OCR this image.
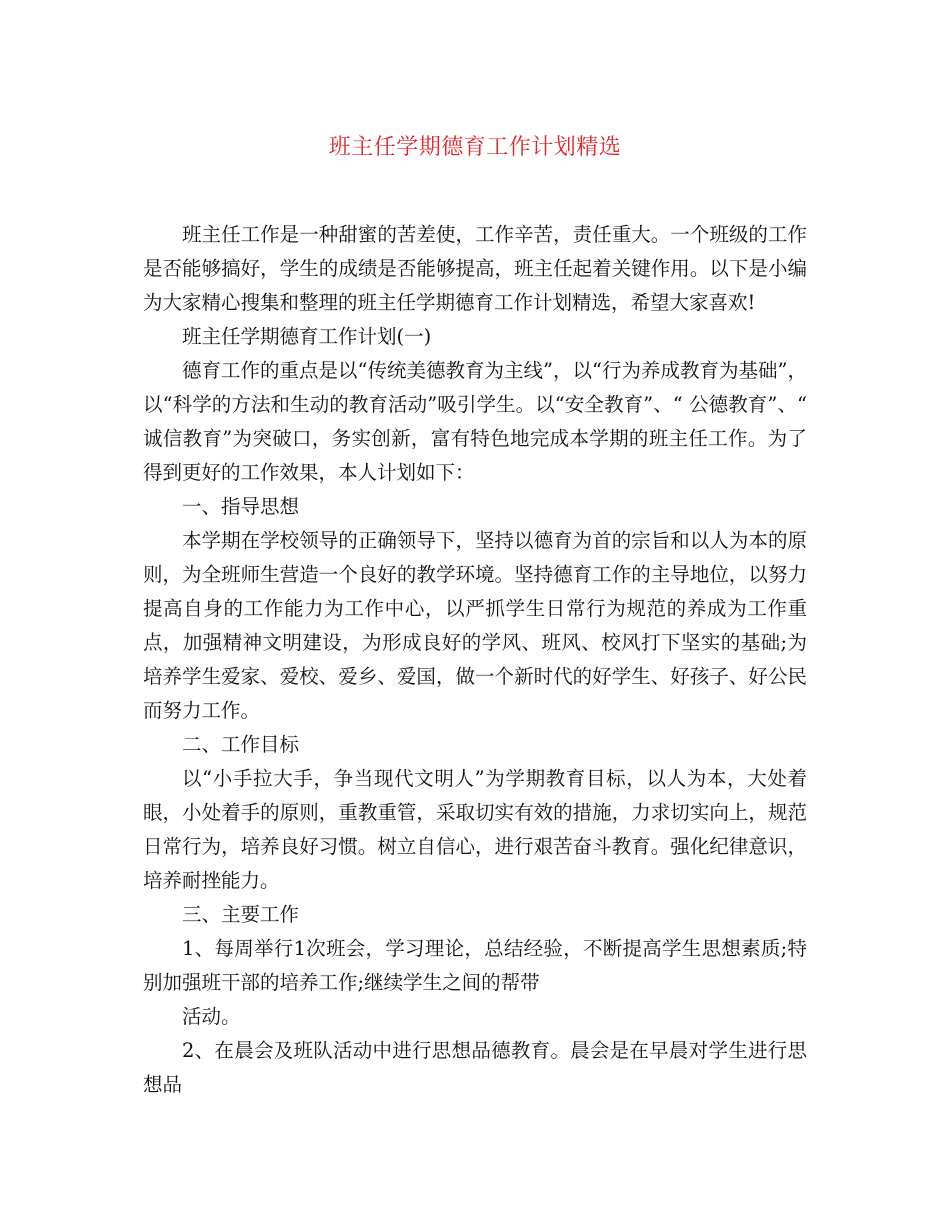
班主任学期德育工作计划精选

班主任工作是一种甜蜜的苦差使，工作辛苦，责任重大。一个班级的工作是否能够搞好，学生的成绩是否能够提高，班主任起着关键作用。以下是小编为大家精心搜集和整理的班主任学期德育工作计划精选，希望大家喜欢!

班主任学期德育工作计划(一)

德育工作的重点是以“传统美德教育为主线”，以“行为养成教育为基础”，以“科学的方法和生动的教育活动”吸引学生。以“安全教育”、“ 公德教育”、“ 诚信教育”为突破口，务实创新，富有特色地完成本学期的班主任工作。为了得到更好的工作效果，本人计划如下：

一、指导思想

本学期在学校领导的正确领导下，坚持以德育为首的宗旨和以人为本的原则，为全班师生营造一个良好的教学环境。坚持德育工作的主导地位，以努力提高自身的工作能力为工作中心，以严抓学生日常行为规范的养成为工作重点，加强精神文明建设，为形成良好的学风、班风、校风打下坚实的基础;为培养学生爱家、爱校、爱乡、爱国，做一个新时代的好学生、好孩子、好公民而努力工作。

二、工作目标

以“小手拉大手，争当现代文明人”为学期教育目标，以人为本，大处着眼，小处着手的原则，重教重管，采取切实有效的措施，力求切实向上，规范日常行为，培养良好习惯。树立自信心，进行艰苦奋斗教育。强化纪律意识，培养耐挫能力。

三、主要工作

1、每周举行1次班会，学习理论，总结经验，不断提高学生思想素质;特别加强班干部的培养工作;继续学生之间的帮带

活动。

2、在晨会及班队活动中进行思想品德教育。晨会是在早晨对学生进行思想品
